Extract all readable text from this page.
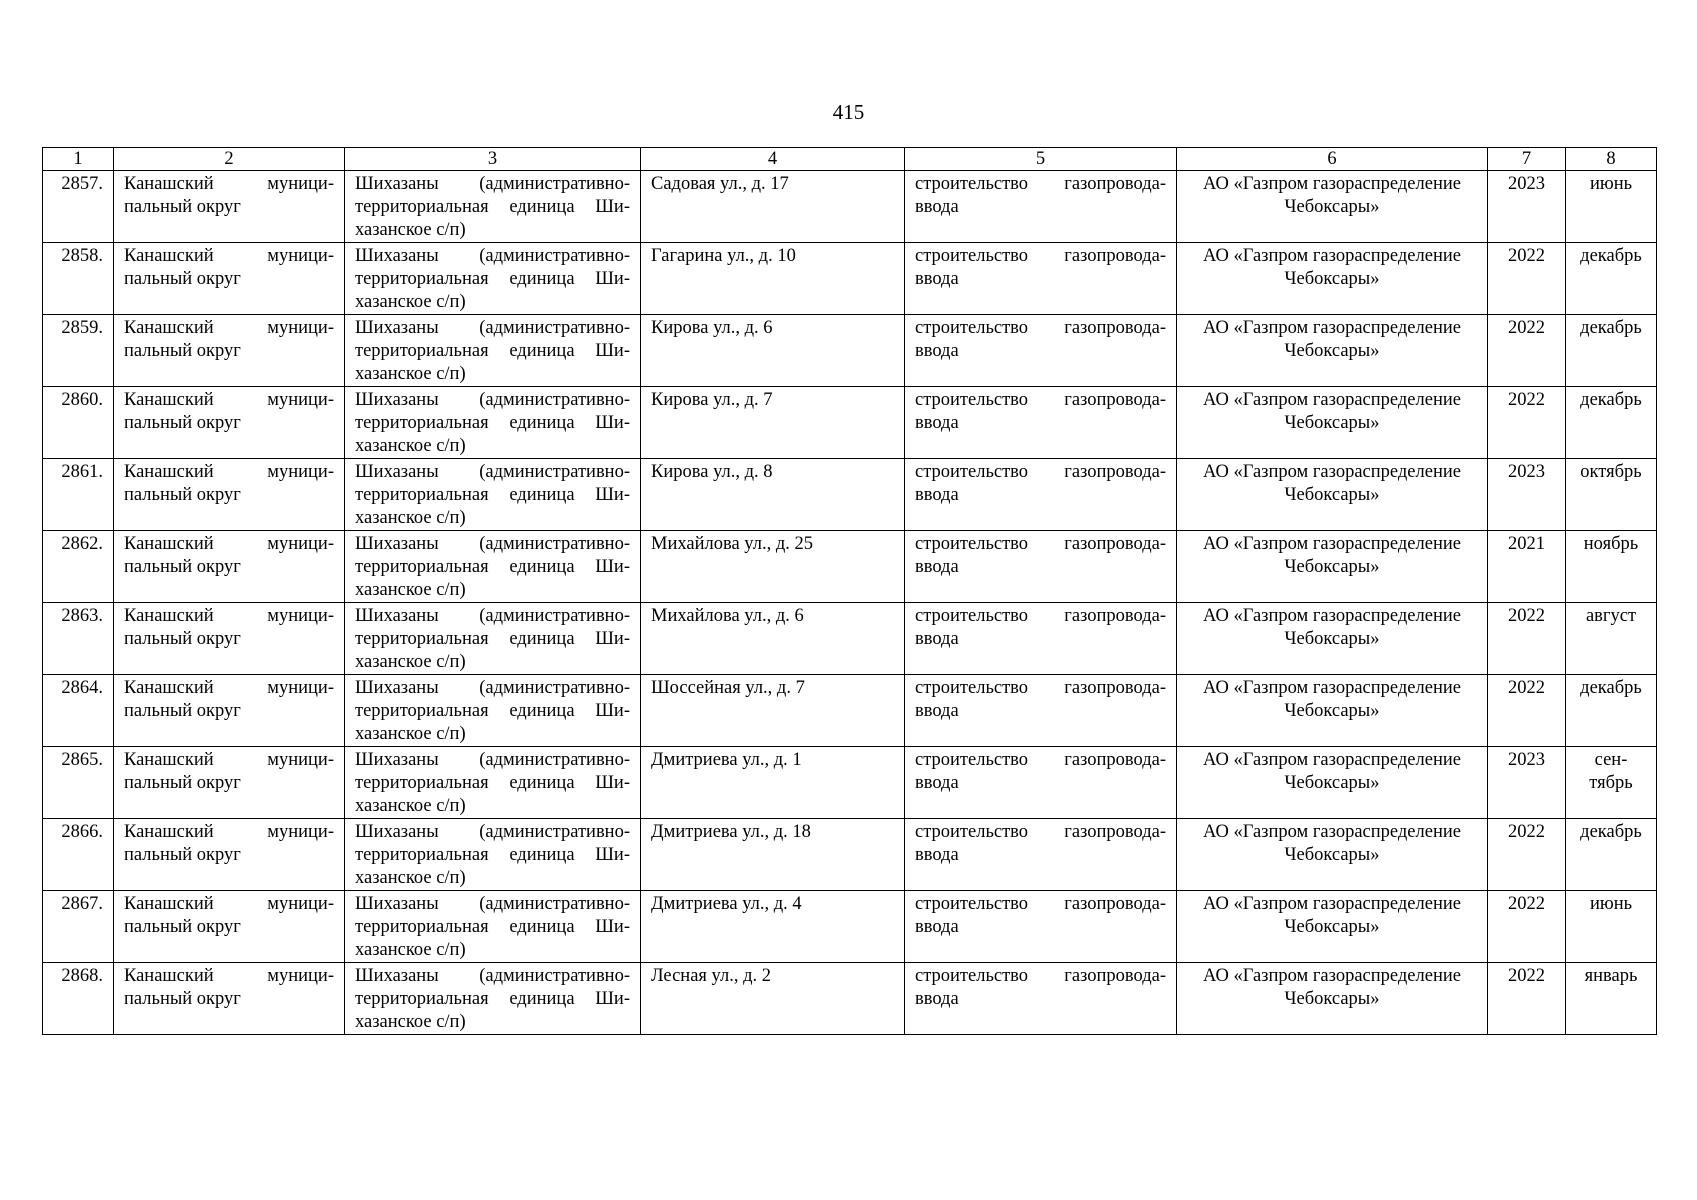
415
1	2	3	4	5	6	7	8
2857.	Канашский муници-
пальный округ	Шихазаны (административно-
территориальная единица Ши-
хазанское с/п)	Садовая ул., д. 17	строительство газопровода-
ввода	АО «Газпром газораспределение
Чебоксары»	2023	июнь

2858.	Канашский муници-
пальный округ	Шихазаны (административно-
территориальная единица Ши-
хазанское с/п)	Гагарина ул., д. 10	строительство газопровода-
ввода	АО «Газпром газораспределение
Чебоксары»	2022	декабрь

2859.	Канашский муници-
пальный округ	Шихазаны (административно-
территориальная единица Ши-
хазанское с/п)	Кирова ул., д. 6	строительство газопровода-
ввода	АО «Газпром газораспределение
Чебоксары»	2022	декабрь

2860.	Канашский муници-
пальный округ	Шихазаны (административно-
территориальная единица Ши-
хазанское с/п)	Кирова ул., д. 7	строительство газопровода-
ввода	АО «Газпром газораспределение
Чебоксары»	2022	декабрь

2861.	Канашский муници-
пальный округ	Шихазаны (административно-
территориальная единица Ши-
хазанское с/п)	Кирова ул., д. 8	строительство газопровода-
ввода	АО «Газпром газораспределение
Чебоксары»	2023	октябрь

2862.	Канашский муници-
пальный округ	Шихазаны (административно-
территориальная единица Ши-
хазанское с/п)	Михайлова ул., д. 25	строительство газопровода-
ввода	АО «Газпром газораспределение
Чебоксары»	2021	ноябрь

2863.	Канашский муници-
пальный округ	Шихазаны (административно-
территориальная единица Ши-
хазанское с/п)	Михайлова ул., д. 6	строительство газопровода-
ввода	АО «Газпром газораспределение
Чебоксары»	2022	август

2864.	Канашский муници-
пальный округ	Шихазаны (административно-
территориальная единица Ши-
хазанское с/п)	Шоссейная ул., д. 7	строительство газопровода-
ввода	АО «Газпром газораспределение
Чебоксары»	2022	декабрь

2865.	Канашский муници-
пальный округ	Шихазаны (административно-
территориальная единица Ши-
хазанское с/п)	Дмитриева ул., д. 1	строительство газопровода-
ввода	АО «Газпром газораспределение
Чебоксары»	2023	сен-
тябрь

2866.	Канашский муници-
пальный округ	Шихазаны (административно-
территориальная единица Ши-
хазанское с/п)	Дмитриева ул., д. 18	строительство газопровода-
ввода	АО «Газпром газораспределение
Чебоксары»	2022	декабрь

2867.	Канашский муници-
пальный округ	Шихазаны (административно-
территориальная единица Ши-
хазанское с/п)	Дмитриева ул., д. 4	строительство газопровода-
ввода	АО «Газпром газораспределение
Чебоксары»	2022	июнь

2868.	Канашский муници-
пальный округ	Шихазаны (административно-
территориальная единица Ши-
хазанское с/п)	Лесная ул., д. 2	строительство газопровода-
ввода	АО «Газпром газораспределение
Чебоксары»	2022	январь
